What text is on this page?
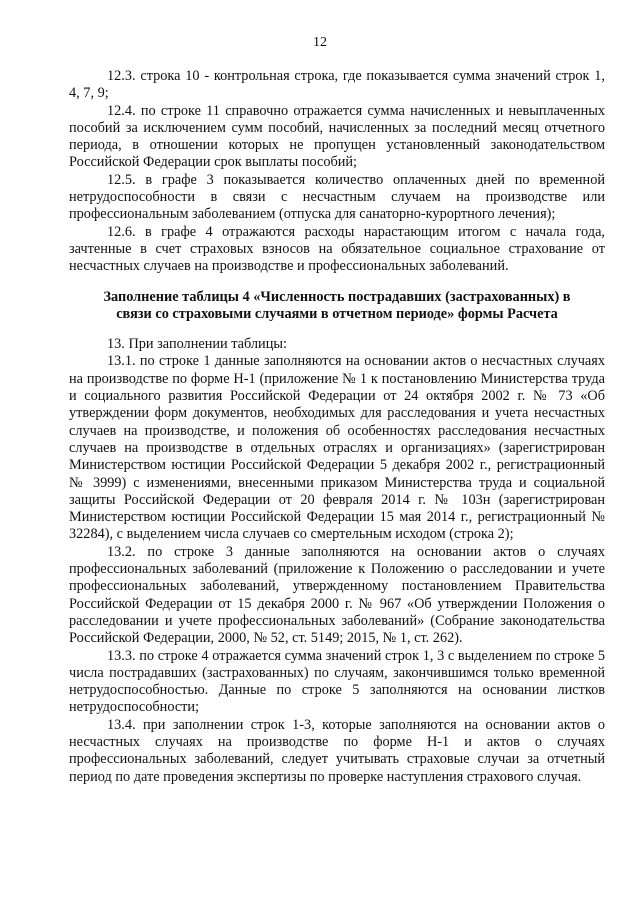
12

12.3. строка 10 - контрольная строка, где показывается сумма значений строк 1, 4, 7, 9;

12.4. по строке 11 справочно отражается сумма начисленных и невыплаченных пособий за исключением сумм пособий, начисленных за последний месяц отчетного периода, в отношении которых не пропущен установленный законодательством Российской Федерации срок выплаты пособий;

12.5. в графе 3 показывается количество оплаченных дней по временной нетрудоспособности в связи с несчастным случаем на производстве или профессиональным заболеванием (отпуска для санаторно-курортного лечения);

12.6. в графе 4 отражаются расходы нарастающим итогом с начала года, зачтенные в счет страховых взносов на обязательное социальное страхование от несчастных случаев на производстве и профессиональных заболеваний.

Заполнение таблицы 4 «Численность пострадавших (застрахованных) в связи со страховыми случаями в отчетном периоде» формы Расчета

13. При заполнении таблицы:

13.1. по строке 1 данные заполняются на основании актов о несчастных случаях на производстве по форме Н-1 (приложение № 1 к постановлению Министерства труда и социального развития Российской Федерации от 24 октября 2002 г. № 73 «Об утверждении форм документов, необходимых для расследования и учета несчастных случаев на производстве, и положения об особенностях расследования несчастных случаев на производстве в отдельных отраслях и организациях» (зарегистрирован Министерством юстиции Российской Федерации 5 декабря 2002 г., регистрационный № 3999) с изменениями, внесенными приказом Министерства труда и социальной защиты Российской Федерации от 20 февраля 2014 г. № 103н (зарегистрирован Министерством юстиции Российской Федерации 15 мая 2014 г., регистрационный № 32284), с выделением числа случаев со смертельным исходом (строка 2);

13.2. по строке 3 данные заполняются на основании актов о случаях профессиональных заболеваний (приложение к Положению о расследовании и учете профессиональных заболеваний, утвержденному постановлением Правительства Российской Федерации от 15 декабря 2000 г. № 967 «Об утверждении Положения о расследовании и учете профессиональных заболеваний» (Собрание законодательства Российской Федерации, 2000, № 52, ст. 5149; 2015, № 1, ст. 262).

13.3. по строке 4 отражается сумма значений строк 1, 3 с выделением по строке 5 числа пострадавших (застрахованных) по случаям, закончившимся только временной нетрудоспособностью. Данные по строке 5 заполняются на основании листков нетрудоспособности;

13.4. при заполнении строк 1-3, которые заполняются на основании актов о несчастных случаях на производстве по форме Н-1 и актов о случаях профессиональных заболеваний, следует учитывать страховые случаи за отчетный период по дате проведения экспертизы по проверке наступления страхового случая.
